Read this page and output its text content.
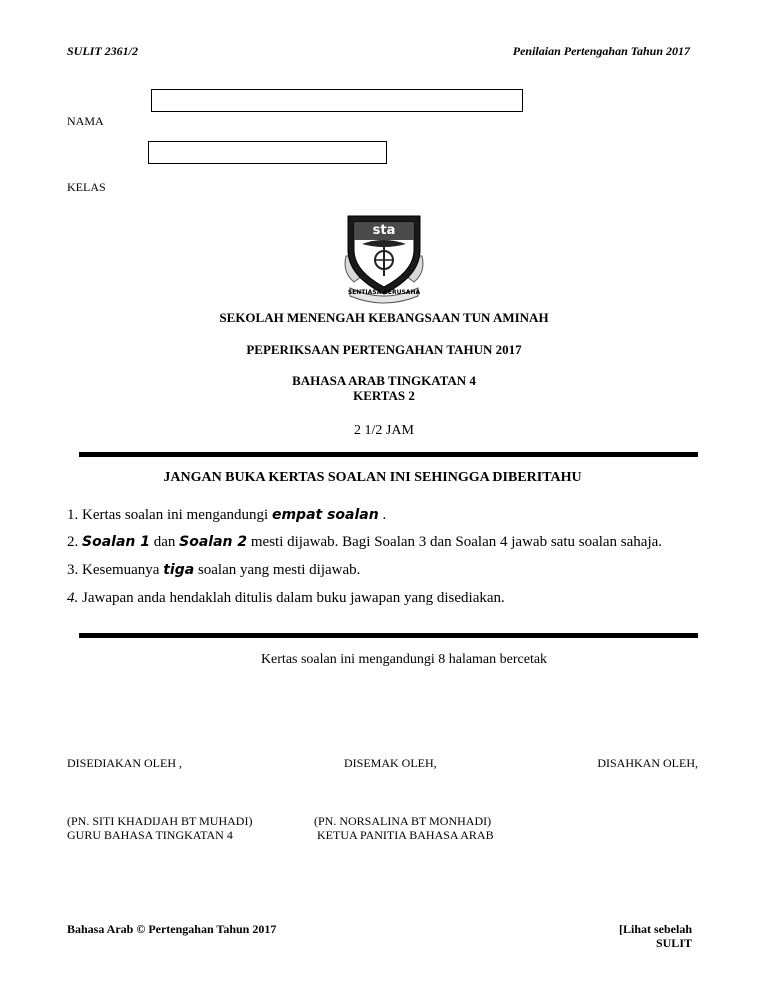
SULIT 2361/2	Penilaian Pertengahan Tahun 2017
NAMA
KELAS
sta
SENTIASA BERUSAHA
SEKOLAH MENENGAH KEBANGSAAN TUN AMINAH
PEPERIKSAAN PERTENGAHAN TAHUN 2017
BAHASA ARAB TINGKATAN 4
KERTAS 2
2 1/2 JAM
JANGAN BUKA KERTAS SOALAN INI SEHINGGA DIBERITAHU
1. Kertas soalan ini mengandungi empat soalan .
2. Soalan 1 dan Soalan 2 mesti dijawab. Bagi Soalan 3 dan Soalan 4 jawab satu soalan sahaja.
3. Kesemuanya tiga soalan yang mesti dijawab.
4. Jawapan anda hendaklah ditulis dalam buku jawapan yang disediakan.
Kertas soalan ini mengandungi 8 halaman bercetak
DISEDIAKAN OLEH ,	DISEMAK OLEH,	DISAHKAN OLEH,
(PN. SITI KHADIJAH BT MUHADI)
GURU BAHASA TINGKATAN 4
(PN. NORSALINA BT MONHADI)
KETUA PANITIA BAHASA ARAB
Bahasa Arab © Pertengahan Tahun 2017	[Lihat sebelah
SULIT
